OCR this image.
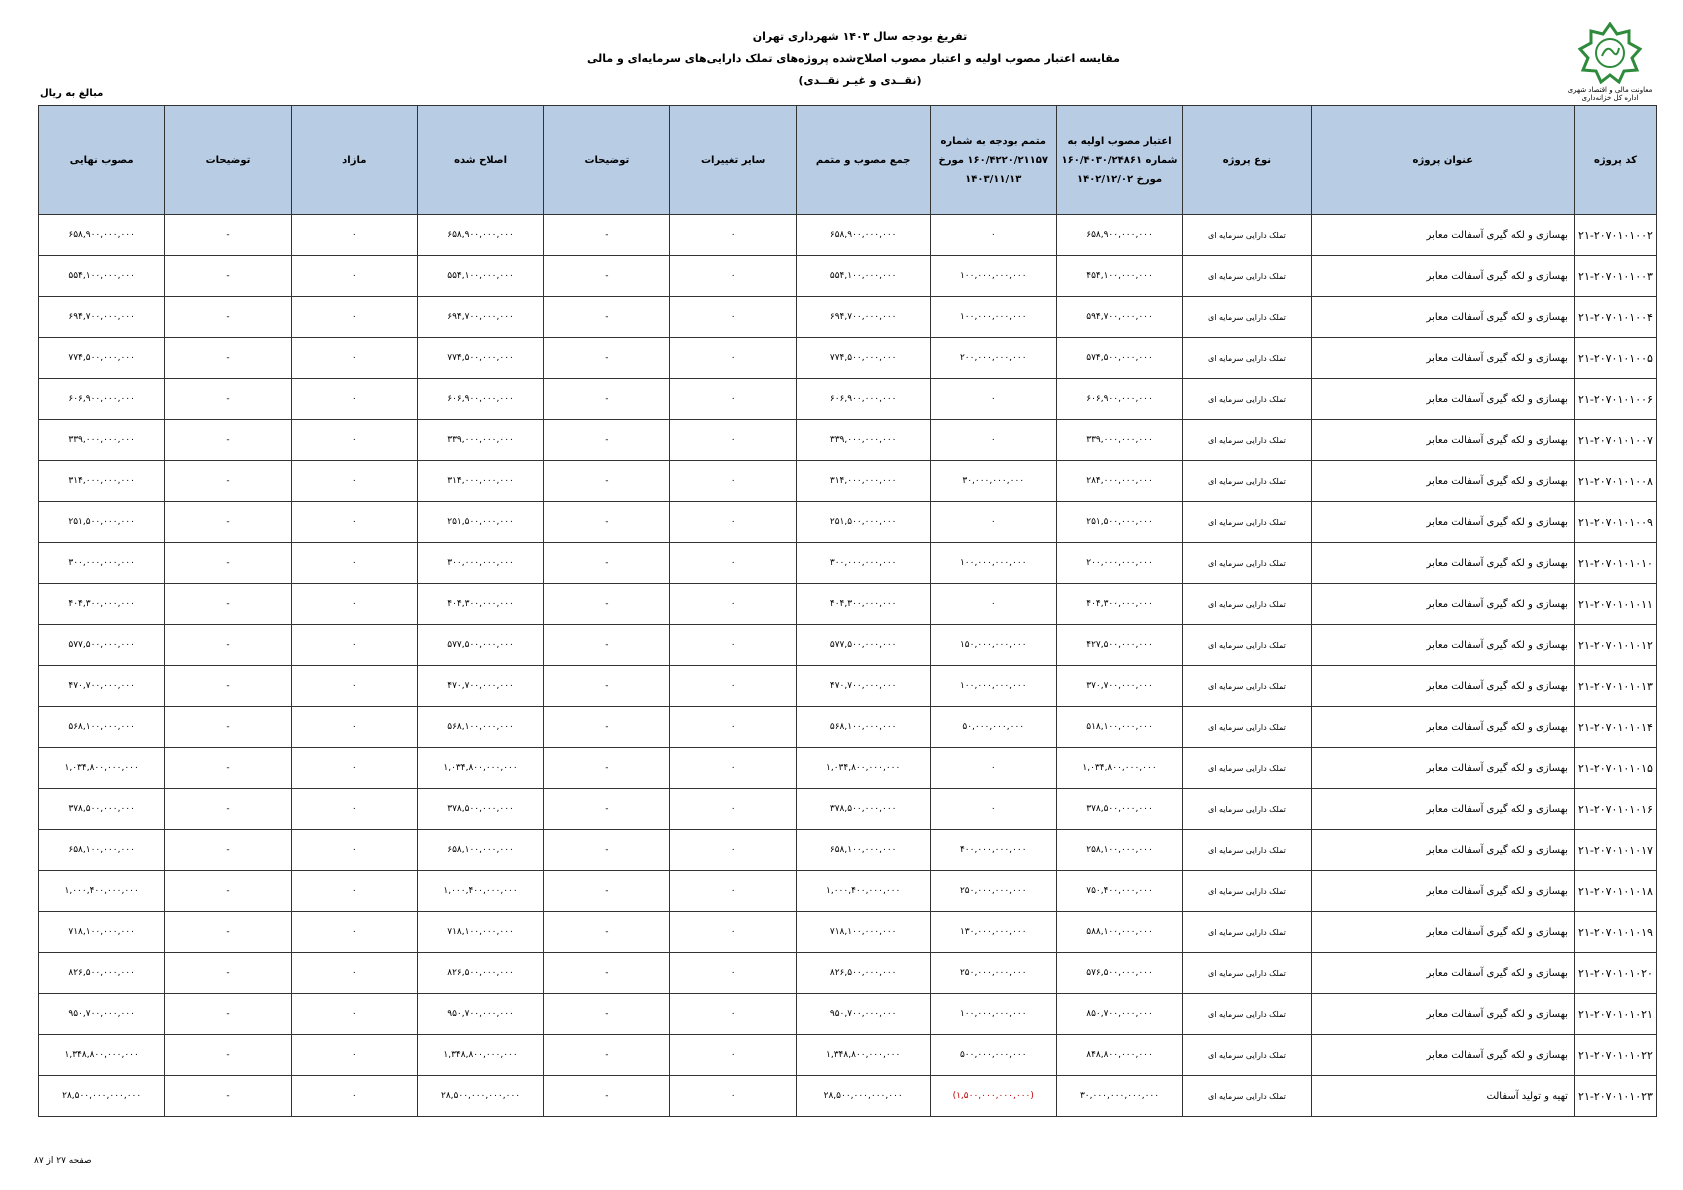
معاونت مالی و اقتصاد شهری
اداره کل خزانه‌داری
تفریغ بودجه سال ۱۴۰۳ شهرداری تهران
مقایسه اعتبار مصوب اولیه و اعتبار مصوب اصلاح‌شده پروژه‌های تملک دارایی‌های سرمایه‌ای و مالی
(نقــدی و غیـر نقــدی)
مبالغ به ریال
کد پروژه	عنوان پروژه	نوع پروژه	اعتبار مصوب اولیه به شماره ۱۶۰/۴۰۳۰/۲۴۸۶۱ مورخ ۱۴۰۲/۱۲/۰۲	متمم بودجه به شماره ۱۶۰/۴۲۲۰/۲۱۱۵۷ مورخ ۱۴۰۳/۱۱/۱۳	جمع مصوب و متمم	سایر تغییرات	توضیحات	اصلاح شده	مازاد	توضیحات	مصوب نهایی
۲۱-۲۰۷۰۱۰۱۰۰۲	بهسازی و لکه گیری آسفالت معابر	تملک دارایی سرمایه ای	۶۵۸,۹۰۰,۰۰۰,۰۰۰	۰	۶۵۸,۹۰۰,۰۰۰,۰۰۰	۰	-	۶۵۸,۹۰۰,۰۰۰,۰۰۰	۰	-	۶۵۸,۹۰۰,۰۰۰,۰۰۰
۲۱-۲۰۷۰۱۰۱۰۰۳	بهسازی و لکه گیری آسفالت معابر	تملک دارایی سرمایه ای	۴۵۴,۱۰۰,۰۰۰,۰۰۰	۱۰۰,۰۰۰,۰۰۰,۰۰۰	۵۵۴,۱۰۰,۰۰۰,۰۰۰	۰	-	۵۵۴,۱۰۰,۰۰۰,۰۰۰	۰	-	۵۵۴,۱۰۰,۰۰۰,۰۰۰
۲۱-۲۰۷۰۱۰۱۰۰۴	بهسازی و لکه گیری آسفالت معابر	تملک دارایی سرمایه ای	۵۹۴,۷۰۰,۰۰۰,۰۰۰	۱۰۰,۰۰۰,۰۰۰,۰۰۰	۶۹۴,۷۰۰,۰۰۰,۰۰۰	۰	-	۶۹۴,۷۰۰,۰۰۰,۰۰۰	۰	-	۶۹۴,۷۰۰,۰۰۰,۰۰۰
۲۱-۲۰۷۰۱۰۱۰۰۵	بهسازی و لکه گیری آسفالت معابر	تملک دارایی سرمایه ای	۵۷۴,۵۰۰,۰۰۰,۰۰۰	۲۰۰,۰۰۰,۰۰۰,۰۰۰	۷۷۴,۵۰۰,۰۰۰,۰۰۰	۰	-	۷۷۴,۵۰۰,۰۰۰,۰۰۰	۰	-	۷۷۴,۵۰۰,۰۰۰,۰۰۰
۲۱-۲۰۷۰۱۰۱۰۰۶	بهسازی و لکه گیری آسفالت معابر	تملک دارایی سرمایه ای	۶۰۶,۹۰۰,۰۰۰,۰۰۰	۰	۶۰۶,۹۰۰,۰۰۰,۰۰۰	۰	-	۶۰۶,۹۰۰,۰۰۰,۰۰۰	۰	-	۶۰۶,۹۰۰,۰۰۰,۰۰۰
۲۱-۲۰۷۰۱۰۱۰۰۷	بهسازی و لکه گیری آسفالت معابر	تملک دارایی سرمایه ای	۳۳۹,۰۰۰,۰۰۰,۰۰۰	۰	۳۳۹,۰۰۰,۰۰۰,۰۰۰	۰	-	۳۳۹,۰۰۰,۰۰۰,۰۰۰	۰	-	۳۳۹,۰۰۰,۰۰۰,۰۰۰
۲۱-۲۰۷۰۱۰۱۰۰۸	بهسازی و لکه گیری آسفالت معابر	تملک دارایی سرمایه ای	۲۸۴,۰۰۰,۰۰۰,۰۰۰	۳۰,۰۰۰,۰۰۰,۰۰۰	۳۱۴,۰۰۰,۰۰۰,۰۰۰	۰	-	۳۱۴,۰۰۰,۰۰۰,۰۰۰	۰	-	۳۱۴,۰۰۰,۰۰۰,۰۰۰
۲۱-۲۰۷۰۱۰۱۰۰۹	بهسازی و لکه گیری آسفالت معابر	تملک دارایی سرمایه ای	۲۵۱,۵۰۰,۰۰۰,۰۰۰	۰	۲۵۱,۵۰۰,۰۰۰,۰۰۰	۰	-	۲۵۱,۵۰۰,۰۰۰,۰۰۰	۰	-	۲۵۱,۵۰۰,۰۰۰,۰۰۰
۲۱-۲۰۷۰۱۰۱۰۱۰	بهسازی و لکه گیری آسفالت معابر	تملک دارایی سرمایه ای	۲۰۰,۰۰۰,۰۰۰,۰۰۰	۱۰۰,۰۰۰,۰۰۰,۰۰۰	۳۰۰,۰۰۰,۰۰۰,۰۰۰	۰	-	۳۰۰,۰۰۰,۰۰۰,۰۰۰	۰	-	۳۰۰,۰۰۰,۰۰۰,۰۰۰
۲۱-۲۰۷۰۱۰۱۰۱۱	بهسازی و لکه گیری آسفالت معابر	تملک دارایی سرمایه ای	۴۰۴,۳۰۰,۰۰۰,۰۰۰	۰	۴۰۴,۳۰۰,۰۰۰,۰۰۰	۰	-	۴۰۴,۳۰۰,۰۰۰,۰۰۰	۰	-	۴۰۴,۳۰۰,۰۰۰,۰۰۰
۲۱-۲۰۷۰۱۰۱۰۱۲	بهسازی و لکه گیری آسفالت معابر	تملک دارایی سرمایه ای	۴۲۷,۵۰۰,۰۰۰,۰۰۰	۱۵۰,۰۰۰,۰۰۰,۰۰۰	۵۷۷,۵۰۰,۰۰۰,۰۰۰	۰	-	۵۷۷,۵۰۰,۰۰۰,۰۰۰	۰	-	۵۷۷,۵۰۰,۰۰۰,۰۰۰
۲۱-۲۰۷۰۱۰۱۰۱۳	بهسازی و لکه گیری آسفالت معابر	تملک دارایی سرمایه ای	۳۷۰,۷۰۰,۰۰۰,۰۰۰	۱۰۰,۰۰۰,۰۰۰,۰۰۰	۴۷۰,۷۰۰,۰۰۰,۰۰۰	۰	-	۴۷۰,۷۰۰,۰۰۰,۰۰۰	۰	-	۴۷۰,۷۰۰,۰۰۰,۰۰۰
۲۱-۲۰۷۰۱۰۱۰۱۴	بهسازی و لکه گیری آسفالت معابر	تملک دارایی سرمایه ای	۵۱۸,۱۰۰,۰۰۰,۰۰۰	۵۰,۰۰۰,۰۰۰,۰۰۰	۵۶۸,۱۰۰,۰۰۰,۰۰۰	۰	-	۵۶۸,۱۰۰,۰۰۰,۰۰۰	۰	-	۵۶۸,۱۰۰,۰۰۰,۰۰۰
۲۱-۲۰۷۰۱۰۱۰۱۵	بهسازی و لکه گیری آسفالت معابر	تملک دارایی سرمایه ای	۱,۰۳۴,۸۰۰,۰۰۰,۰۰۰	۰	۱,۰۳۴,۸۰۰,۰۰۰,۰۰۰	۰	-	۱,۰۳۴,۸۰۰,۰۰۰,۰۰۰	۰	-	۱,۰۳۴,۸۰۰,۰۰۰,۰۰۰
۲۱-۲۰۷۰۱۰۱۰۱۶	بهسازی و لکه گیری آسفالت معابر	تملک دارایی سرمایه ای	۳۷۸,۵۰۰,۰۰۰,۰۰۰	۰	۳۷۸,۵۰۰,۰۰۰,۰۰۰	۰	-	۳۷۸,۵۰۰,۰۰۰,۰۰۰	۰	-	۳۷۸,۵۰۰,۰۰۰,۰۰۰
۲۱-۲۰۷۰۱۰۱۰۱۷	بهسازی و لکه گیری آسفالت معابر	تملک دارایی سرمایه ای	۲۵۸,۱۰۰,۰۰۰,۰۰۰	۴۰۰,۰۰۰,۰۰۰,۰۰۰	۶۵۸,۱۰۰,۰۰۰,۰۰۰	۰	-	۶۵۸,۱۰۰,۰۰۰,۰۰۰	۰	-	۶۵۸,۱۰۰,۰۰۰,۰۰۰
۲۱-۲۰۷۰۱۰۱۰۱۸	بهسازی و لکه گیری آسفالت معابر	تملک دارایی سرمایه ای	۷۵۰,۴۰۰,۰۰۰,۰۰۰	۲۵۰,۰۰۰,۰۰۰,۰۰۰	۱,۰۰۰,۴۰۰,۰۰۰,۰۰۰	۰	-	۱,۰۰۰,۴۰۰,۰۰۰,۰۰۰	۰	-	۱,۰۰۰,۴۰۰,۰۰۰,۰۰۰
۲۱-۲۰۷۰۱۰۱۰۱۹	بهسازی و لکه گیری آسفالت معابر	تملک دارایی سرمایه ای	۵۸۸,۱۰۰,۰۰۰,۰۰۰	۱۳۰,۰۰۰,۰۰۰,۰۰۰	۷۱۸,۱۰۰,۰۰۰,۰۰۰	۰	-	۷۱۸,۱۰۰,۰۰۰,۰۰۰	۰	-	۷۱۸,۱۰۰,۰۰۰,۰۰۰
۲۱-۲۰۷۰۱۰۱۰۲۰	بهسازی و لکه گیری آسفالت معابر	تملک دارایی سرمایه ای	۵۷۶,۵۰۰,۰۰۰,۰۰۰	۲۵۰,۰۰۰,۰۰۰,۰۰۰	۸۲۶,۵۰۰,۰۰۰,۰۰۰	۰	-	۸۲۶,۵۰۰,۰۰۰,۰۰۰	۰	-	۸۲۶,۵۰۰,۰۰۰,۰۰۰
۲۱-۲۰۷۰۱۰۱۰۲۱	بهسازی و لکه گیری آسفالت معابر	تملک دارایی سرمایه ای	۸۵۰,۷۰۰,۰۰۰,۰۰۰	۱۰۰,۰۰۰,۰۰۰,۰۰۰	۹۵۰,۷۰۰,۰۰۰,۰۰۰	۰	-	۹۵۰,۷۰۰,۰۰۰,۰۰۰	۰	-	۹۵۰,۷۰۰,۰۰۰,۰۰۰
۲۱-۲۰۷۰۱۰۱۰۲۲	بهسازی و لکه گیری آسفالت معابر	تملک دارایی سرمایه ای	۸۴۸,۸۰۰,۰۰۰,۰۰۰	۵۰۰,۰۰۰,۰۰۰,۰۰۰	۱,۳۴۸,۸۰۰,۰۰۰,۰۰۰	۰	-	۱,۳۴۸,۸۰۰,۰۰۰,۰۰۰	۰	-	۱,۳۴۸,۸۰۰,۰۰۰,۰۰۰
۲۱-۲۰۷۰۱۰۱۰۲۳	تهیه و تولید آسفالت	تملک دارایی سرمایه ای	۳۰,۰۰۰,۰۰۰,۰۰۰,۰۰۰	(۱,۵۰۰,۰۰۰,۰۰۰,۰۰۰)	۲۸,۵۰۰,۰۰۰,۰۰۰,۰۰۰	۰	-	۲۸,۵۰۰,۰۰۰,۰۰۰,۰۰۰	۰	-	۲۸,۵۰۰,۰۰۰,۰۰۰,۰۰۰
صفحه ۲۷ از ۸۷
